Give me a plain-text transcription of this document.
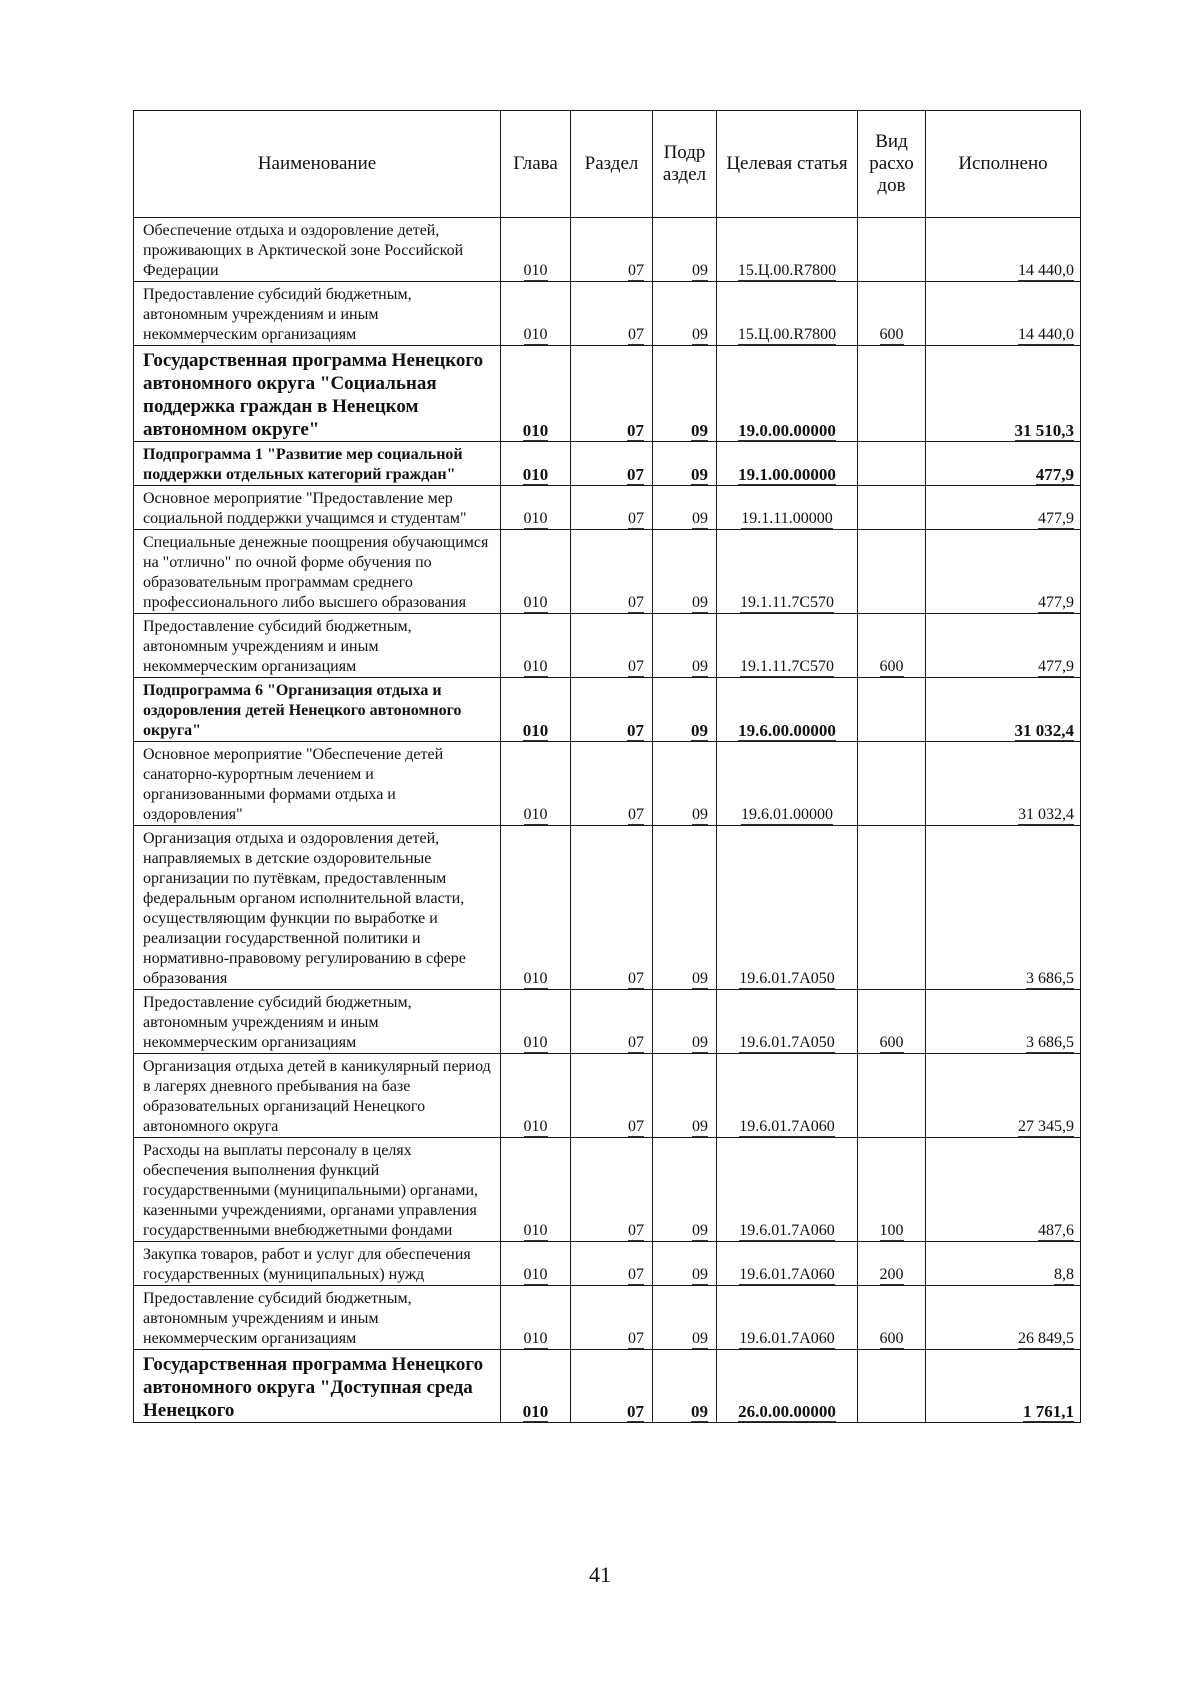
Наименование	Глава	Раздел	Подр аздел	Целевая статья	Вид расхо дов	Исполнено
Обеспечение отдыха и оздоровление детей, проживающих в Арктической зоне Российской Федерации	010	07	09	15.Ц.00.R7800		14 440,0
Предоставление субсидий бюджетным, автономным учреждениям и иным некоммерческим организациям	010	07	09	15.Ц.00.R7800	600	14 440,0
Государственная программа Ненецкого автономного округа "Социальная поддержка граждан в Ненецком автономном округе"	010	07	09	19.0.00.00000		31 510,3
Подпрограмма 1 "Развитие мер социальной поддержки отдельных категорий граждан"	010	07	09	19.1.00.00000		477,9
Основное мероприятие "Предоставление мер социальной поддержки учащимся и студентам"	010	07	09	19.1.11.00000		477,9
Специальные денежные поощрения обучающимся на "отлично" по очной форме обучения по образовательным программам среднего профессионального либо высшего образования	010	07	09	19.1.11.7С570		477,9
Предоставление субсидий бюджетным, автономным учреждениям и иным некоммерческим организациям	010	07	09	19.1.11.7С570	600	477,9
Подпрограмма 6 "Организация отдыха и оздоровления детей Ненецкого автономного округа"	010	07	09	19.6.00.00000		31 032,4
Основное мероприятие "Обеспечение детей санаторно-курортным лечением и организованными формами отдыха и оздоровления"	010	07	09	19.6.01.00000		31 032,4
Организация отдыха и оздоровления детей, направляемых в детские оздоровительные организации по путёвкам, предоставленным федеральным органом исполнительной власти, осуществляющим функции по выработке и реализации государственной политики и нормативно-правовому регулированию в сфере образования	010	07	09	19.6.01.7А050		3 686,5
Предоставление субсидий бюджетным, автономным учреждениям и иным некоммерческим организациям	010	07	09	19.6.01.7А050	600	3 686,5
Организация отдыха детей в каникулярный период в лагерях дневного пребывания на базе образовательных организаций Ненецкого автономного округа	010	07	09	19.6.01.7А060		27 345,9
Расходы на выплаты персоналу в целях обеспечения выполнения функций государственными (муниципальными) органами, казенными учреждениями, органами управления государственными внебюджетными фондами	010	07	09	19.6.01.7А060	100	487,6
Закупка товаров, работ и услуг для обеспечения государственных (муниципальных) нужд	010	07	09	19.6.01.7А060	200	8,8
Предоставление субсидий бюджетным, автономным учреждениям и иным некоммерческим организациям	010	07	09	19.6.01.7А060	600	26 849,5
Государственная программа Ненецкого автономного округа "Доступная среда Ненецкого	010	07	09	26.0.00.00000		1 761,1
41
